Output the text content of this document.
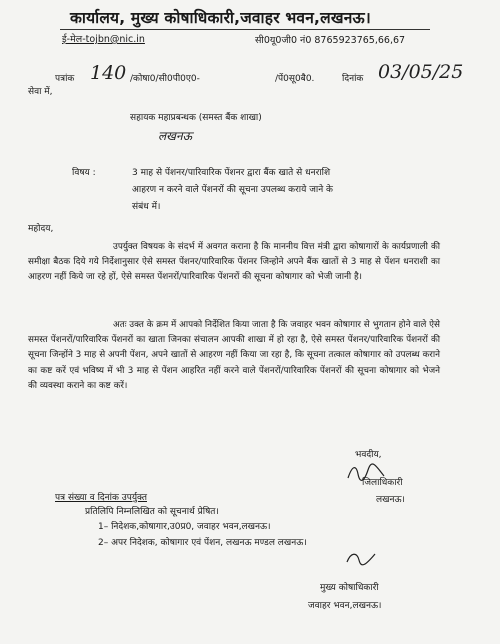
कार्यालय, मुख्य कोषाधिकारी,जवाहर भवन,लखनऊ।
ई-मेल-tojbn@nic.in	सी0यू0जी0 नं0 8765923765,66,67
पत्रांक 140 /कोषा0/सी0पी0ए0-	/पें0सू0बै0.	दिनांक 03/05/25
सेवा में,
सहायक महाप्रबन्धक (समस्त बैंक शाखा)
लखनऊ
विषय :	3 माह से पेंशनर/पारिवारिक पेंशनर द्वारा बैंक खाते से धनराशि
आहरण न करने वाले पेंशनरों की सूचना उपलब्ध कराये जाने के
संबंध में।
महोदय,
उपर्युक्त विषयक के संदर्भ में अवगत कराना है कि माननीय वित्त मंत्री द्वारा कोषागारों के कार्यप्रणाली की समीक्षा बैठक दिये गये निर्देशानुसार ऐसे समस्त पेंशनर/पारिवारिक पेंशनर जिन्होने अपने बैंक खातों से 3 माह से पेंशन धनराशी का आहरण नहीं किये जा रहे हों, ऐसे समस्त पेंशनरों/पारिवारिक पेंशनरों की सूचना कोषागार को भेजी जानी है।
अतः उक्त के क्रम में आपको निर्देशित किया जाता है कि जवाहर भवन कोषागार से भुगतान होने वाले ऐसे समस्त पेंशनरों/पारिवारिक पेंशनरों का खाता जिनका संचालन आपकी शाखा में हो रहा है, ऐसे समस्त पेंशनर/पारिवारिक पेंशनरों की सूचना जिन्होंने 3 माह से अपनी पेंशन, अपने खातों से आहरण नहीं किया जा रहा है, कि सूचना तत्काल कोषागार को उपलब्ध कराने का कष्ट करें एवं भविष्य में भी 3 माह से पेंशन आहरित नहीं करने वाले पेंशनरों/पारिवारिक पेंशनरों की सूचना कोषागार को भेजने की व्यवस्था कराने का कष्ट करें।
भवदीय,
जिलाधिकारी
लखनऊ।
पत्र संख्या व दिनांक उपर्युक्त
प्रतिलिपि निम्नलिखित को सूचनार्थ प्रेषित।
1– निदेशक,कोषागार,उ0प्र0, जवाहर भवन,लखनऊ।
2– अपर निदेशक, कोषागार एवं पेंशन, लखनऊ मण्डल लखनऊ।
मुख्य कोषाधिकारी
जवाहर भवन,लखनऊ।
